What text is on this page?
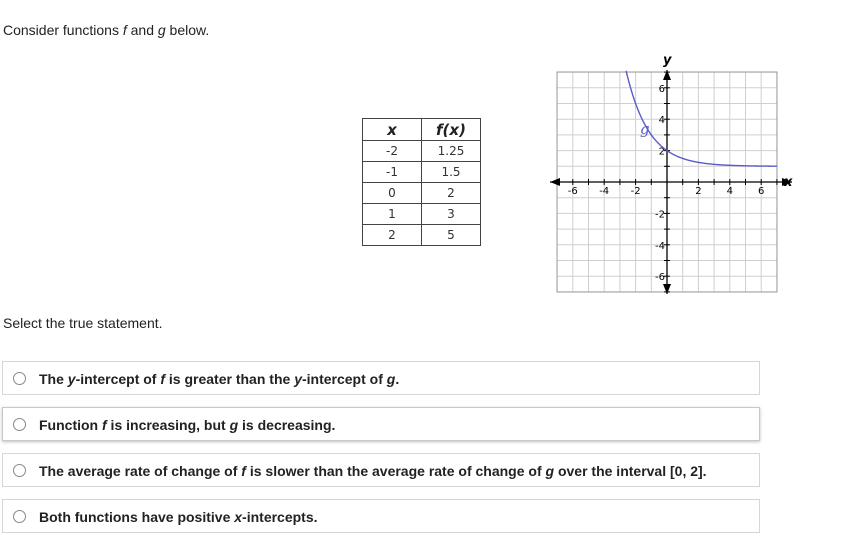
Consider functions f and g below.
x	f(x)
-2	1.25
-1	1.5
0	2
1	3
2	5
-6 -4 -2	2	4	6
6
4
2
-2
-4
-6
g
x
y
Select the true statement.
The y-intercept of f is greater than the y-intercept of g.
Function f is increasing, but g is decreasing.
The average rate of change of f is slower than the average rate of change of g over the interval [0, 2].
Both functions have positive x-intercepts.
